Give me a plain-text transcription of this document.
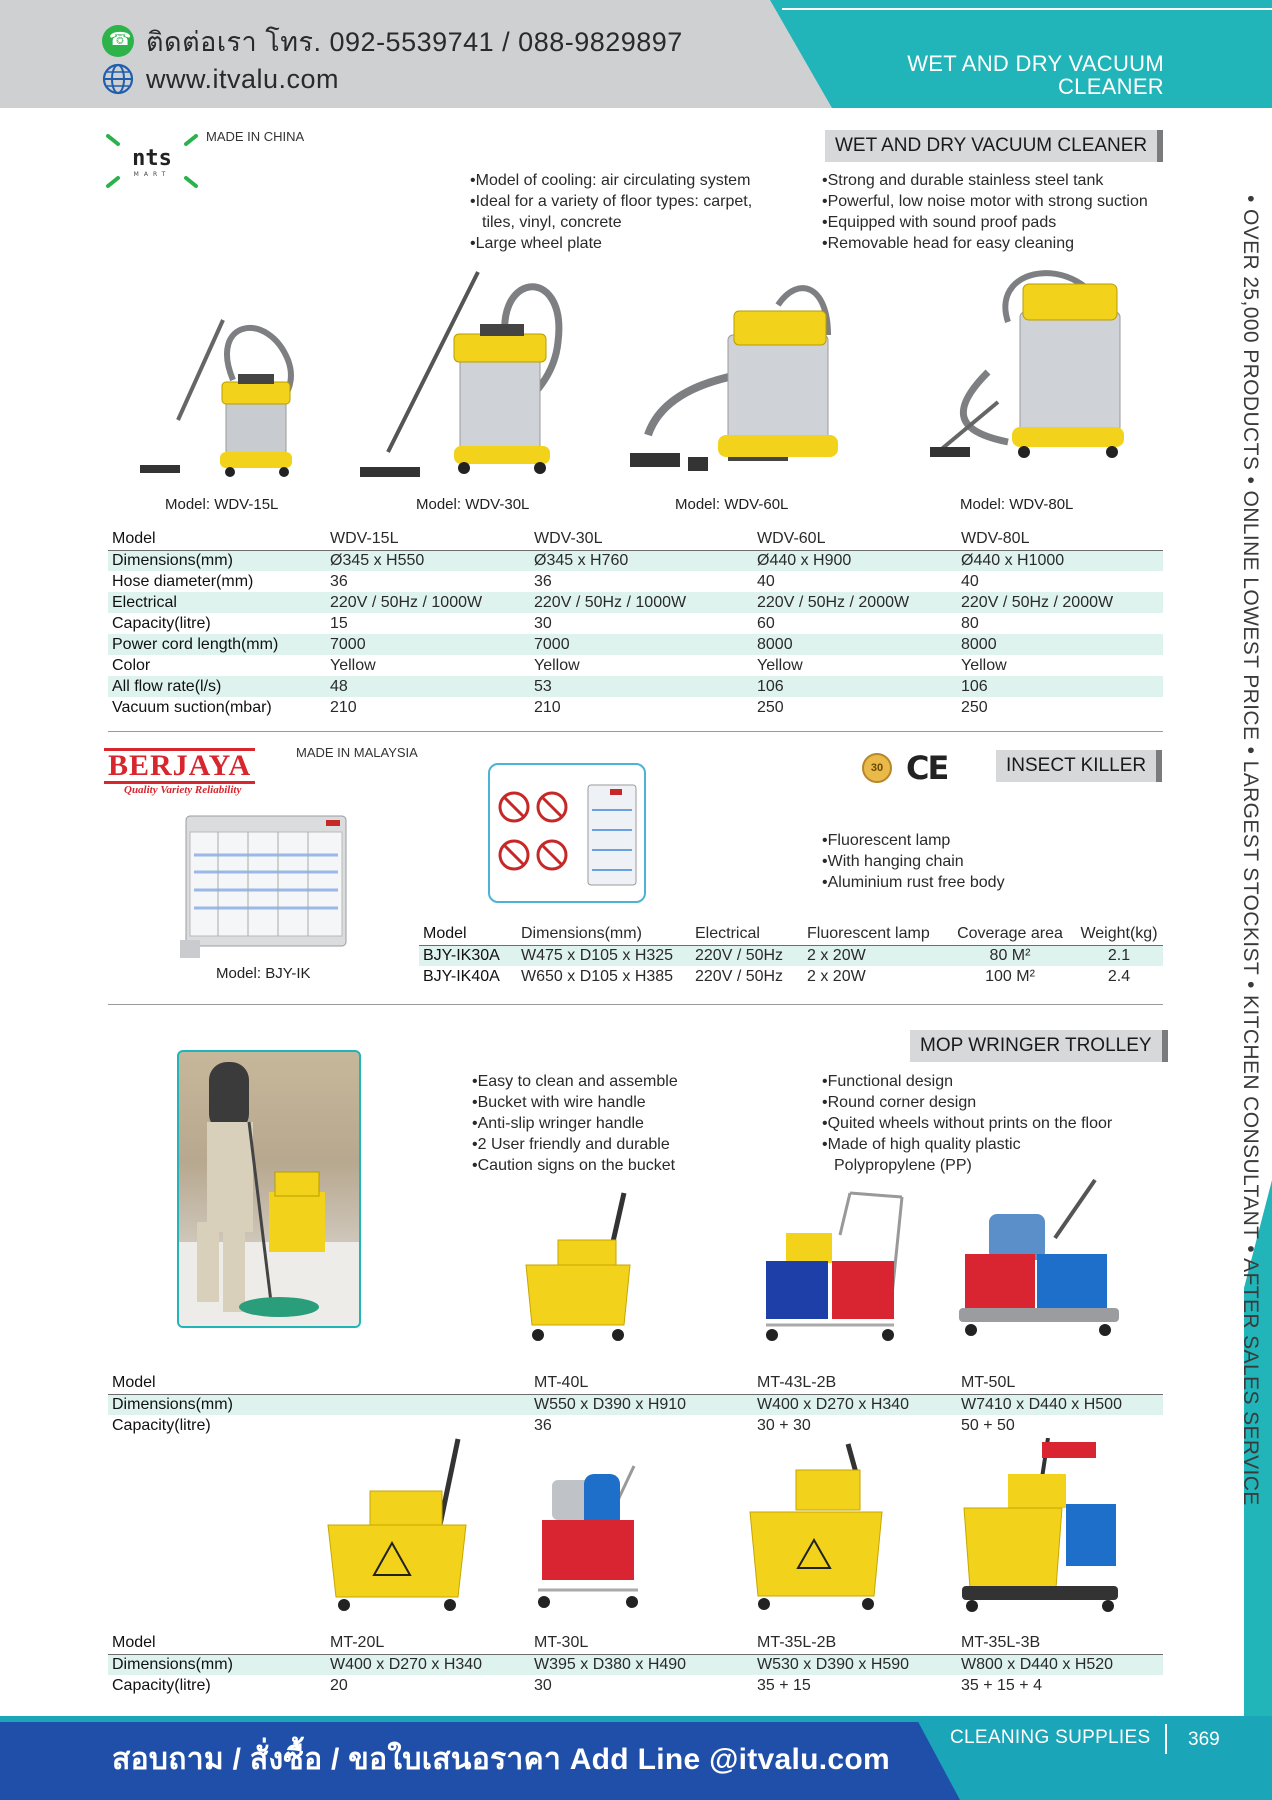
WET AND DRY VACUUM
CLEANER
☎
ติดต่อเรา โทร. 092-5539741 / 088-9829897
www.itvalu.com
• OVER 25,000 PRODUCTS • ONLINE LOWEST PRICE • LARGEST STOCKIST • KITCHEN CONSULTANT • AFTER SALES SERVICE
nts
MART
MADE IN CHINA	WET AND DRY VACUUM CLEANER
• Model of cooling: air circulating system
• Ideal for a variety of floor types: carpet,
tiles, vinyl, concrete
• Large wheel plate
• Strong and durable stainless steel tank
• Powerful, low noise motor with strong suction
• Equipped with sound proof pads
• Removable head for easy cleaning
Model: WDV-15L	Model: WDV-30L	Model: WDV-60L	Model: WDV-80L
Model	WDV-15L	WDV-30L	WDV-60L	WDV-80L
Dimensions(mm)	Ø345 x H550	Ø345 x H760	Ø440 x H900	Ø440 x H1000
Hose diameter(mm)	36	36	40	40
Electrical	220V / 50Hz / 1000W	220V / 50Hz / 1000W	220V / 50Hz / 2000W	220V / 50Hz / 2000W
Capacity(litre)	15	30	60	80
Power cord length(mm)	7000	7000	8000	8000
Color	Yellow	Yellow	Yellow	Yellow
All flow rate(l/s)	48	53	106	106
Vacuum suction(mbar)	210	210	250	250
BERJAYA
Quality Variety Reliability
MADE IN MALAYSIA
30 CE	INSECT KILLER
Model: BJY-IK
• Fluorescent lamp
• With hanging chain
• Aluminium rust free body
Model	Dimensions(mm)	Electrical	Fluorescent lamp	Coverage area	Weight(kg)
BJY-IK30A	W475 x D105 x H325	220V / 50Hz	2 x 20W	80 M²	2.1
BJY-IK40A	W650 x D105 x H385	220V / 50Hz	2 x 20W	100 M²	2.4
MOP WRINGER TROLLEY
• Easy to clean and assemble
• Bucket with wire handle
• Anti-slip wringer handle
• 2 User friendly and durable
• Caution signs on the bucket
• Functional design
• Round corner design
• Quited wheels without prints on the floor
• Made of high quality plastic
Polypropylene (PP)
Model		MT-40L	MT-43L-2B	MT-50L
Dimensions(mm)		W550 x D390 x H910	W400 x D270 x H340	W7410 x D440 x H500
Capacity(litre)		36	30 + 30	50 + 50
Model	MT-20L	MT-30L	MT-35L-2B	MT-35L-3B
Dimensions(mm)	W400 x D270 x H340	W395 x D380 x H490	W530 x D390 x H590	W800 x D440 x H520
Capacity(litre)	20	30	35 + 15	35 + 15 + 4
สอบถาม / สั่งซื้อ / ขอใบเสนอราคา Add Line @itvalu.com
CLEANING SUPPLIES 369
